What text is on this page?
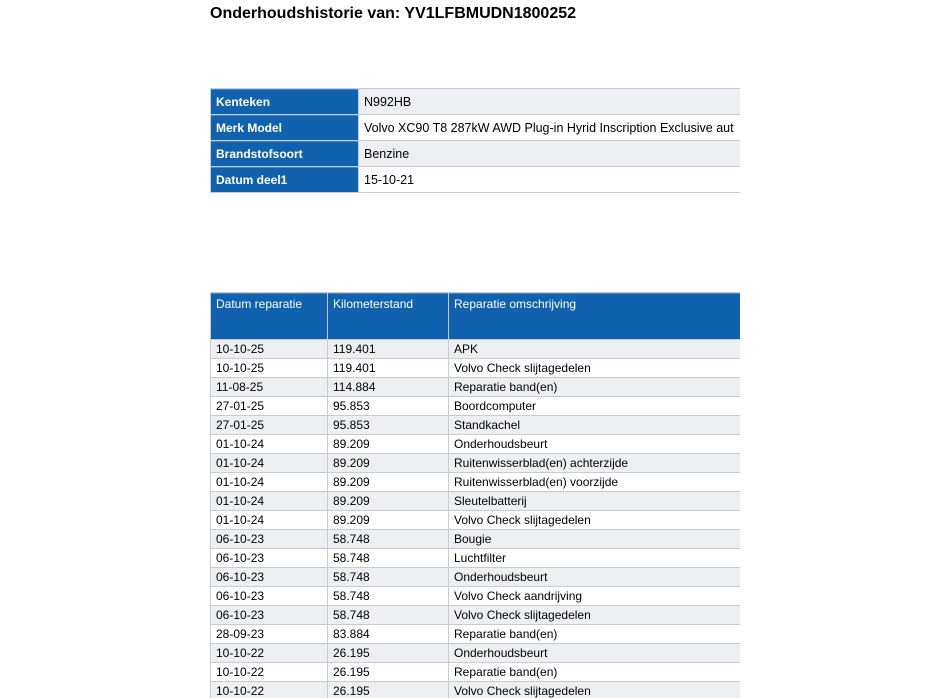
Onderhoudshistorie van: YV1LFBMUDN1800252
Kenteken	N992HB
Merk Model	Volvo XC90 T8 287kW AWD Plug-in Hyrid Inscription Exclusive aut
Brandstofsoort	Benzine
Datum deel1	15-10-21
Datum reparatie	Kilometerstand	Reparatie omschrijving
10-10-25	119.401	APK
10-10-25	119.401	Volvo Check slijtagedelen
11-08-25	114.884	Reparatie band(en)
27-01-25	95.853	Boordcomputer
27-01-25	95.853	Standkachel
01-10-24	89.209	Onderhoudsbeurt
01-10-24	89.209	Ruitenwisserblad(en) achterzijde
01-10-24	89.209	Ruitenwisserblad(en) voorzijde
01-10-24	89.209	Sleutelbatterij
01-10-24	89.209	Volvo Check slijtagedelen
06-10-23	58.748	Bougie
06-10-23	58.748	Luchtfilter
06-10-23	58.748	Onderhoudsbeurt
06-10-23	58.748	Volvo Check aandrijving
06-10-23	58.748	Volvo Check slijtagedelen
28-09-23	83.884	Reparatie band(en)
10-10-22	26.195	Onderhoudsbeurt
10-10-22	26.195	Reparatie band(en)
10-10-22	26.195	Volvo Check slijtagedelen
